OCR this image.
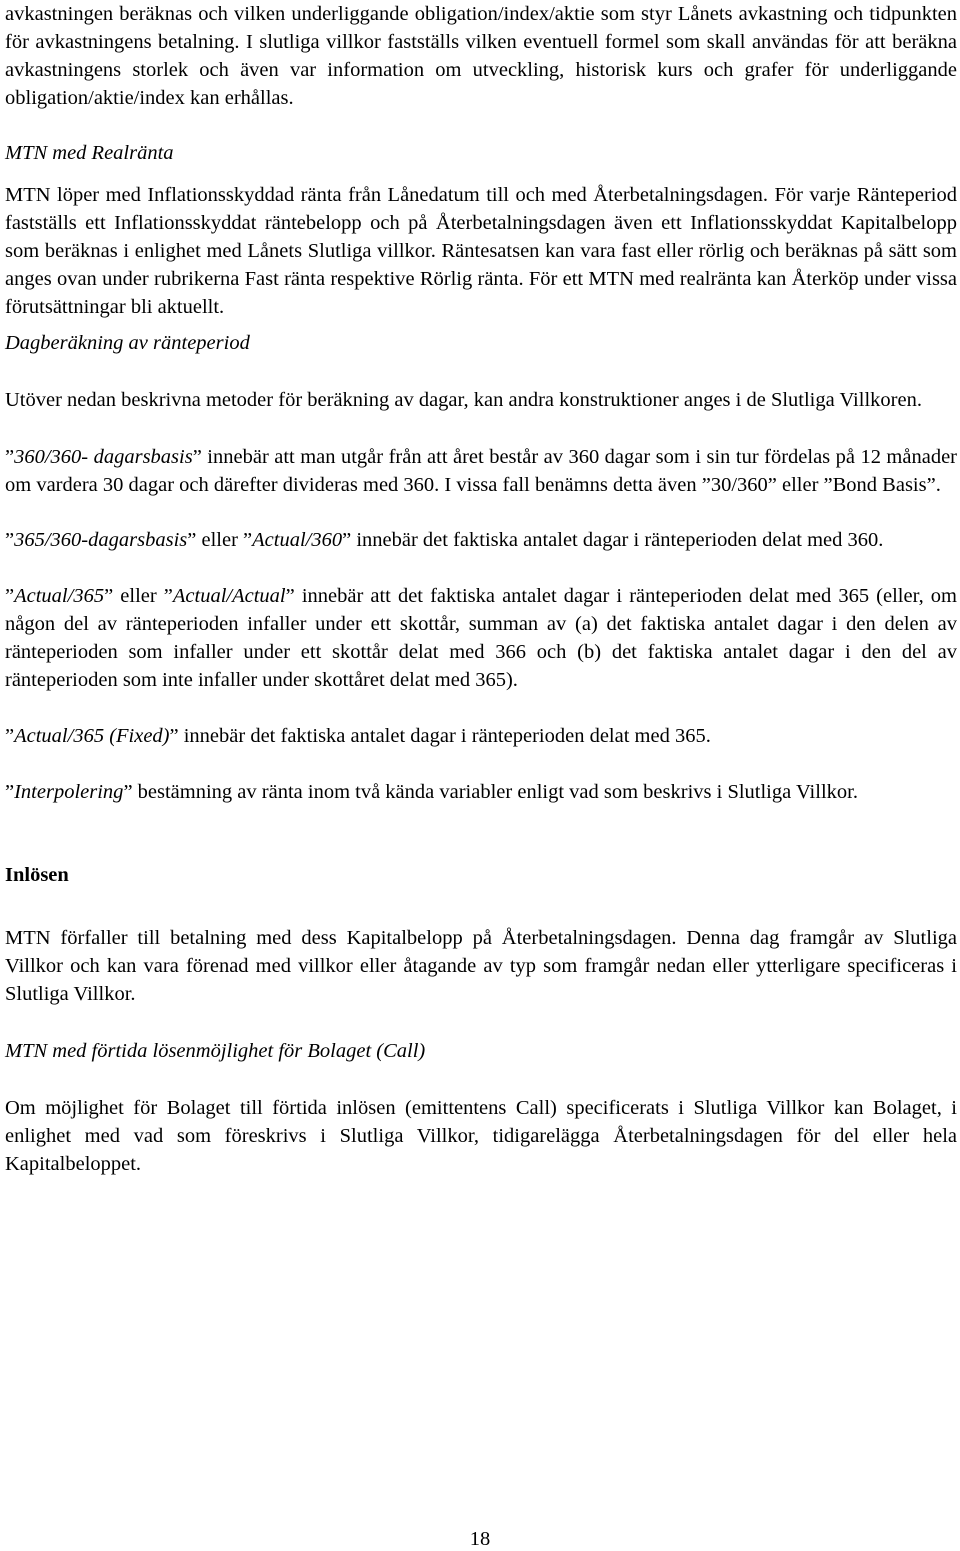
avkastningen beräknas och vilken underliggande obligation/index/aktie som styr Lånets avkastning och tidpunkten för avkastningens betalning. I slutliga villkor fastställs vilken eventuell formel som skall användas för att beräkna avkastningens storlek och även var information om utveckling, historisk kurs och grafer för underliggande obligation/aktie/index kan erhållas.

MTN med Realränta

MTN löper med Inflationsskyddad ränta från Lånedatum till och med Återbetalningsdagen. För varje Ränteperiod fastställs ett Inflationsskyddat räntebelopp och på Återbetalningsdagen även ett Inflationsskyddat Kapitalbelopp som beräknas i enlighet med Lånets Slutliga villkor. Räntesatsen kan vara fast eller rörlig och beräknas på sätt som anges ovan under rubrikerna Fast ränta respektive Rörlig ränta. För ett MTN med realränta kan Återköp under vissa förutsättningar bli aktuellt.

Dagberäkning av ränteperiod

Utöver nedan beskrivna metoder för beräkning av dagar, kan andra konstruktioner anges i de Slutliga Villkoren.

”360/360- dagarsbasis” innebär att man utgår från att året består av 360 dagar som i sin tur fördelas på 12 månader om vardera 30 dagar och därefter divideras med 360. I vissa fall benämns detta även ”30/360” eller ”Bond Basis”.

”365/360-dagarsbasis” eller ”Actual/360” innebär det faktiska antalet dagar i ränteperioden delat med 360.

”Actual/365” eller ”Actual/Actual” innebär att det faktiska antalet dagar i ränteperioden delat med 365 (eller, om någon del av ränteperioden infaller under ett skottår, summan av (a) det faktiska antalet dagar i den delen av ränteperioden som infaller under ett skottår delat med 366 och (b) det faktiska antalet dagar i den del av ränteperioden som inte infaller under skottåret delat med 365).

”Actual/365 (Fixed)” innebär det faktiska antalet dagar i ränteperioden delat med 365.

”Interpolering” bestämning av ränta inom två kända variabler enligt vad som beskrivs i Slutliga Villkor.

Inlösen

MTN förfaller till betalning med dess Kapitalbelopp på Återbetalningsdagen. Denna dag framgår av Slutliga Villkor och kan vara förenad med villkor eller åtagande av typ som framgår nedan eller ytterligare specificeras i Slutliga Villkor.

MTN med förtida lösenmöjlighet för Bolaget (Call)

Om möjlighet för Bolaget till förtida inlösen (emittentens Call) specificerats i Slutliga Villkor kan Bolaget, i enlighet med vad som föreskrivs i Slutliga Villkor, tidigarelägga Återbetalningsdagen för del eller hela Kapitalbeloppet.

18
